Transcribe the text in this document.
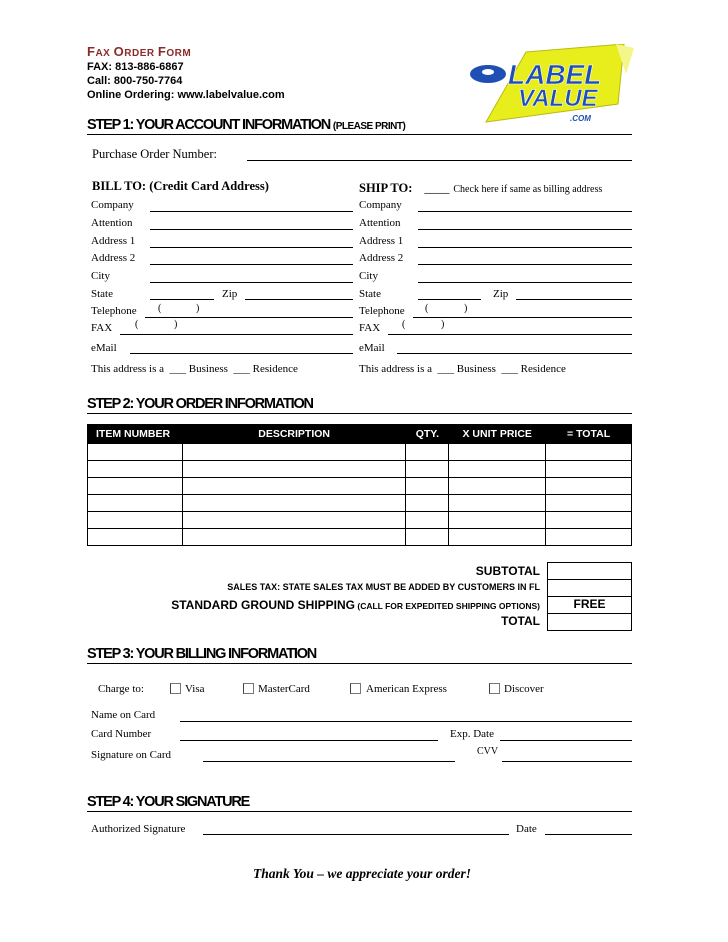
FAX ORDER FORM
FAX: 813-886-6867
Call: 800-750-7764
Online Ordering: www.labelvalue.com
LABEL
VALUE
.COM
STEP 1: YOUR ACCOUNT INFORMATION (PLEASE PRINT)
Purchase Order Number:
BILL TO: (Credit Card Address)	SHIP TO: ____ Check here if same as billing address
Company
Attention
Address 1
Address 2
City
State	Zip
Telephone (	)
FAX (	)
eMail
This address is a  ___ Business  ___ Residence
Company
Attention
Address 1
Address 2
City
State	Zip
Telephone (	)
FAX (	)
eMail
This address is a  ___ Business  ___ Residence
STEP 2: YOUR ORDER INFORMATION
ITEM NUMBER	DESCRIPTION	QTY.	X UNIT PRICE	= TOTAL

SUBTOTAL
SALES TAX: STATE SALES TAX MUST BE ADDED BY CUSTOMERS IN FL
STANDARD GROUND SHIPPING (CALL FOR EXPEDITED SHIPPING OPTIONS)	FREE
TOTAL
STEP 3: YOUR BILLING INFORMATION
Charge to:	Visa	MasterCard	American Express	Discover
Name on Card
Card Number	Exp. Date
CVV
Signature on Card
STEP 4: YOUR SIGNATURE
Authorized Signature	Date
Thank You – we appreciate your order!
